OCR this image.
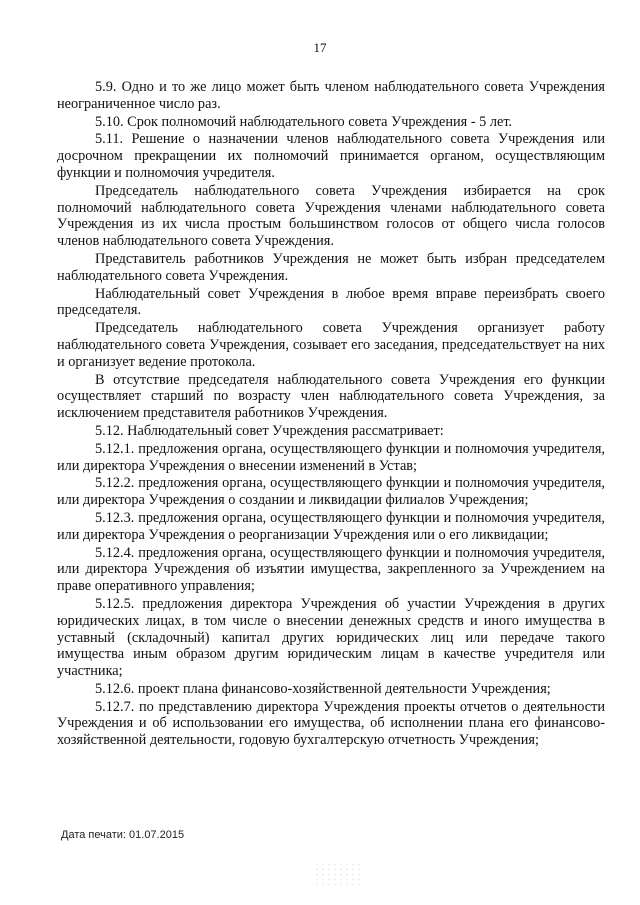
17

5.9. Одно и то же лицо может быть членом наблюдательного совета Учреждения неограниченное число раз.

5.10. Срок полномочий наблюдательного совета Учреждения - 5 лет.

5.11. Решение о назначении членов наблюдательного совета Учреждения или досрочном прекращении их полномочий принимается органом, осуществляющим функции и полномочия учредителя.

Председатель наблюдательного совета Учреждения избирается на срок полномочий наблюдательного совета Учреждения членами наблюдательного совета Учреждения из их числа простым большинством голосов от общего числа голосов членов наблюдательного совета Учреждения.

Представитель работников Учреждения не может быть избран председателем наблюдательного совета Учреждения.

Наблюдательный совет Учреждения в любое время вправе переизбрать своего председателя.

Председатель наблюдательного совета Учреждения организует работу наблюдательного совета Учреждения, созывает его заседания, председательствует на них и организует ведение протокола.

В отсутствие председателя наблюдательного совета Учреждения его функции осуществляет старший по возрасту член наблюдательного совета Учреждения, за исключением представителя работников Учреждения.

5.12. Наблюдательный совет Учреждения рассматривает:

5.12.1. предложения органа, осуществляющего функции и полномочия учредителя, или директора Учреждения о внесении изменений в Устав;

5.12.2. предложения органа, осуществляющего функции и полномочия учредителя, или директора Учреждения о создании и ликвидации филиалов Учреждения;

5.12.3. предложения органа, осуществляющего функции и полномочия учредителя, или директора Учреждения о реорганизации Учреждения или о его ликвидации;

5.12.4. предложения органа, осуществляющего функции и полномочия учредителя, или директора Учреждения об изъятии имущества, закрепленного за Учреждением на праве оперативного управления;

5.12.5. предложения директора Учреждения об участии Учреждения в других юридических лицах, в том числе о внесении денежных средств и иного имущества в уставный (складочный) капитал других юридических лиц или передаче такого имущества иным образом другим юридическим лицам в качестве учредителя или участника;

5.12.6. проект плана финансово-хозяйственной деятельности Учреждения;

5.12.7. по представлению директора Учреждения проекты отчетов о деятельности Учреждения и об использовании его имущества, об исполнении плана его финансово-хозяйственной деятельности, годовую бухгалтерскую отчетность Учреждения;

Дата печати: 01.07.2015
